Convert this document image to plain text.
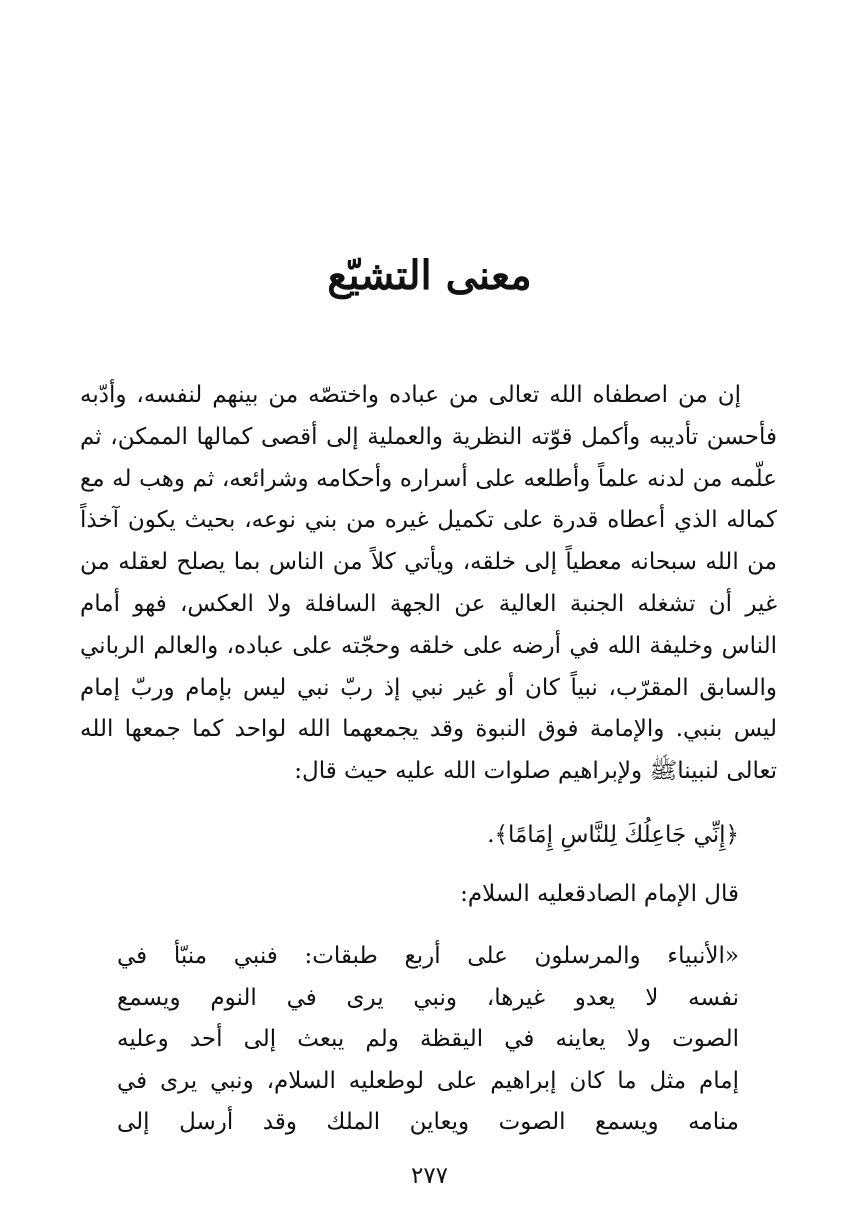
معنى التشيّع
إن من اصطفاه الله تعالى من عباده واختصّه من بينهم لنفسه، وأدّبه
فأحسن تأديبه وأكمل قوّته النظرية والعملية إلى أقصى كمالها الممكن، ثم
علّمه من لدنه علماً وأطلعه على أسراره وأحكامه وشرائعه، ثم وهب له مع
كماله الذي أعطاه قدرة على تكميل غيره من بني نوعه، بحيث يكون آخذاً
من الله سبحانه معطياً إلى خلقه، ويأتي كلاً من الناس بما يصلح لعقله من
غير أن تشغله الجنبة العالية عن الجهة السافلة ولا العكس، فهو أمام
الناس وخليفة الله في أرضه على خلقه وحجّته على عباده، والعالم الرباني
والسابق المقرّب، نبياً كان أو غير نبي إذ ربّ نبي ليس بإمام وربّ إمام
ليس بنبي. والإمامة فوق النبوة وقد يجمعهما الله لواحد كما جمعها الله
تعالى لنبيناﷺ ولإبراهيم صلوات الله عليه حيث قال:

﴿إِنِّي جَاعِلُكَ لِلنَّاسِ إِمَامًا﴾.

قال الإمام الصادقعليه السلام:

«الأنبياء والمرسلون على أربع طبقات: فنبي منبّأ في
نفسه لا يعدو غيرها، ونبي يرى في النوم ويسمع
الصوت ولا يعاينه في اليقظة ولم يبعث إلى أحد وعليه
إمام مثل ما كان إبراهيم على لوطعليه السلام، ونبي يرى في
منامه ويسمع الصوت ويعاين الملك وقد أرسل إلى

٢٧٧
